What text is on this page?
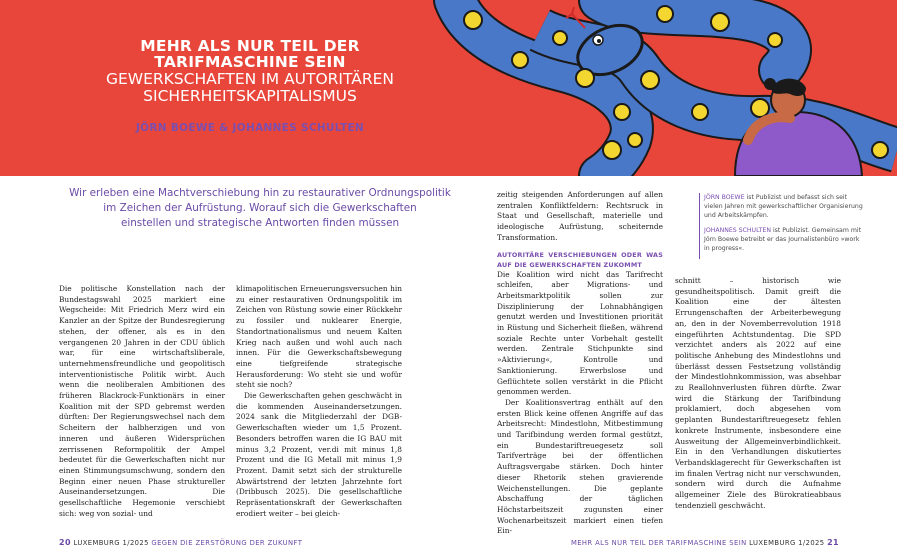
MEHR ALS NUR TEIL DER
TARIFMASCHINE SEIN
GEWERKSCHAFTEN IM AUTORITÄREN
SICHERHEITSKAPITALISMUS
JÖRN BOEWE & JOHANNES SCHULTEN
Wir erleben eine Machtverschiebung hin zu restaurativer Ordnungspolitik
im Zeichen der Aufrüstung. Worauf sich die Gewerkschaften
einstellen und strategische Antworten finden müssen

Die politische Konstellation nach der Bundestagswahl 2025 markiert eine Wegscheide: Mit Friedrich Merz wird ein Kanzler an der Spitze der Bundesregierung stehen, der offener, als es in den vergangenen 20 Jahren in der CDU üblich war, für eine wirtschaftsliberale, unternehmensfreundliche und geopolitisch interventionistische Politik wirbt. Auch wenn die neoliberalen Ambitionen des früheren Blackrock-Funktionärs in einer Koalition mit der SPD gebremst werden dürften: Der Regierungswechsel nach dem Scheitern der halbherzigen und von inneren und äußeren Widersprüchen zerrissenen Reformpolitik der Ampel bedeutet für die Gewerkschaften nicht nur einen Stimmungsumschwung, sondern den Beginn einer neuen Phase struktureller Auseinandersetzungen. Die gesellschaftliche Hegemonie verschiebt sich: weg von sozial- und

klimapolitischen Erneuerungsversuchen hin zu einer restaurativen Ordnungspolitik im Zeichen von Rüstung sowie einer Rückkehr zu fossiler und nuklearer Energie, Standortnationalismus und neuem Kalten Krieg nach außen und wohl auch nach innen. Für die Gewerkschaftsbewegung eine tiefgreifende strategische Herausforderung: Wo steht sie und wofür steht sie noch?

Die Gewerkschaften gehen geschwächt in die kommenden Auseinandersetzungen. 2024 sank die Mitgliederzahl der DGB-Gewerkschaften wieder um 1,5 Prozent. Besonders betroffen waren die IG BAU mit minus 3,2 Prozent, ver.di mit minus 1,8 Prozent und die IG Metall mit minus 1,9 Prozent. Damit setzt sich der strukturelle Abwärtstrend der letzten Jahrzehnte fort (Dribbusch 2025). Die gesellschaftliche Repräsentationskraft der Gewerkschaften erodiert weiter – bei gleich-

zeitig steigenden Anforderungen auf allen zentralen Konfliktfeldern: Rechtsruck in Staat und Gesellschaft, materielle und ideologische Aufrüstung, scheiternde Transformation.

AUTORITÄRE VERSCHIEBUNGEN ODER WAS AUF DIE GEWERKSCHAFTEN ZUKOMMT

Die Koalition wird nicht das Tarifrecht schleifen, aber Migrations- und Arbeitsmarktpolitik sollen zur Disziplinierung der Lohnabhängigen genutzt werden und Investitionen priorität in Rüstung und Sicherheit fließen, während soziale Rechte unter Vorbehalt gestellt werden. Zentrale Stichpunkte sind »Aktivierung«, Kontrolle und Sanktionierung. Erwerbslose und Geflüchtete sollen verstärkt in die Pflicht genommen werden.

Der Koalitionsvertrag enthält auf den ersten Blick keine offenen Angriffe auf das Arbeitsrecht: Mindestlohn, Mitbestimmung und Tarifbindung werden formal gestützt, ein Bundestariftreuegesetz soll Tarifverträge bei der öffentlichen Auftragsvergabe stärken. Doch hinter dieser Rhetorik stehen gravierende Weichenstellungen. Die geplante Abschaffung der täglichen Höchstarbeitszeit zugunsten einer Wochenarbeitszeit markiert einen tiefen Ein-

schnitt – historisch wie gesundheitspolitisch. Damit greift die Koalition eine der ältesten Errungenschaften der Arbeiterbewegung an, den in der Novemberrevolution 1918 eingeführten Achtstundentag. Die SPD verzichtet anders als 2022 auf eine politische Anhebung des Mindestlohns und überlässt dessen Festsetzung vollständig der Mindestlohnkommission, was absehbar zu Reallohnverlusten führen dürfte. Zwar wird die Stärkung der Tarifbindung proklamiert, doch abgesehen vom geplanten Bundestariftreuegesetz fehlen konkrete Instrumente, insbesondere eine Ausweitung der Allgemeinverbindlichkeit. Ein in den Verhandlungen diskutiertes Verbandsklagerecht für Gewerkschaften ist im finalen Vertrag nicht nur verschwunden, sondern wird durch die Aufnahme allgemeiner Ziele des Bürokratieabbaus tendenziell geschwächt.

JÖRN BOEWE ist Publizist und befasst sich seit vielen Jahren mit gewerkschaftlicher Organisierung und Arbeitskämpfen.

JOHANNES SCHULTEN ist Publizist. Gemeinsam mit Jörn Boewe betreibt er das Journalistenbüro »work in progress«.

20 LUXEMBURG 1/2025 GEGEN DIE ZERSTÖRUNG DER ZUKUNFT	MEHR ALS NUR TEIL DER TARIFMASCHINE SEIN LUXEMBURG 1/2025 21
